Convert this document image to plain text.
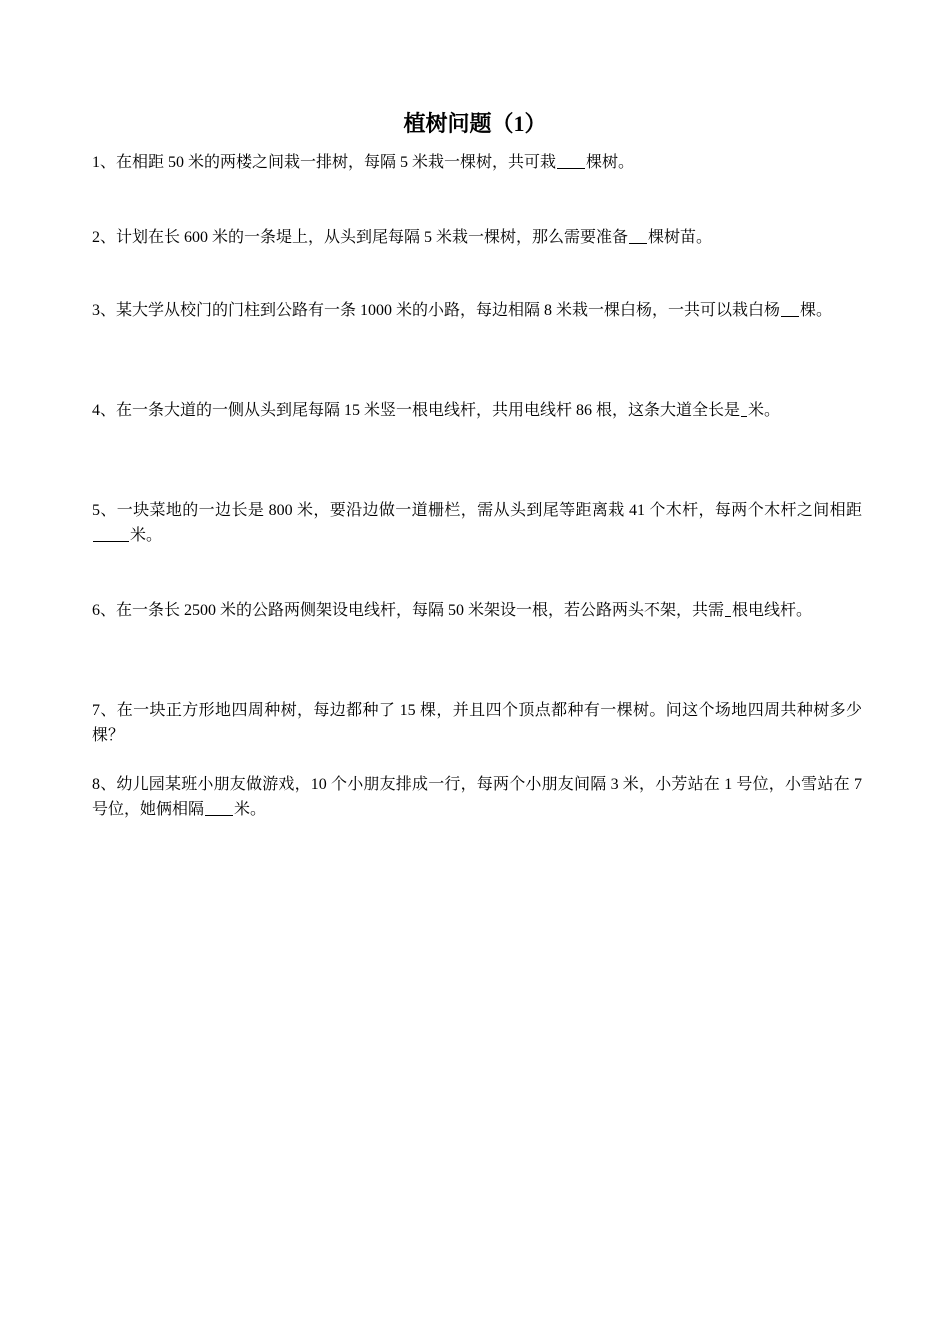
植树问题（1）
1、在相距 50 米的两楼之间栽一排树，每隔 5 米栽一棵树，共可栽 棵树。
2、计划在长 600 米的一条堤上，从头到尾每隔 5 米栽一棵树，那么需要准备 棵树苗。
3、某大学从校门的门柱到公路有一条 1000 米的小路，每边相隔 8 米栽一棵白杨，一共可以栽白杨 棵。
4、在一条大道的一侧从头到尾每隔 15 米竖一根电线杆，共用电线杆 86 根，这条大道全长是 米。
5、一块菜地的一边长是 800 米，要沿边做一道栅栏，需从头到尾等距离栽 41 个木杆，每两个木杆之间相距米。
6、在一条长 2500 米的公路两侧架设电线杆，每隔 50 米架设一根，若公路两头不架，共需 根电线杆。
7、在一块正方形地四周种树，每边都种了 15 棵，并且四个顶点都种有一棵树。问这个场地四周共种树多少棵？
8、幼儿园某班小朋友做游戏，10 个小朋友排成一行，每两个小朋友间隔 3 米，小芳站在 1 号位，小雪站在 7 号位，她俩相隔 米。
